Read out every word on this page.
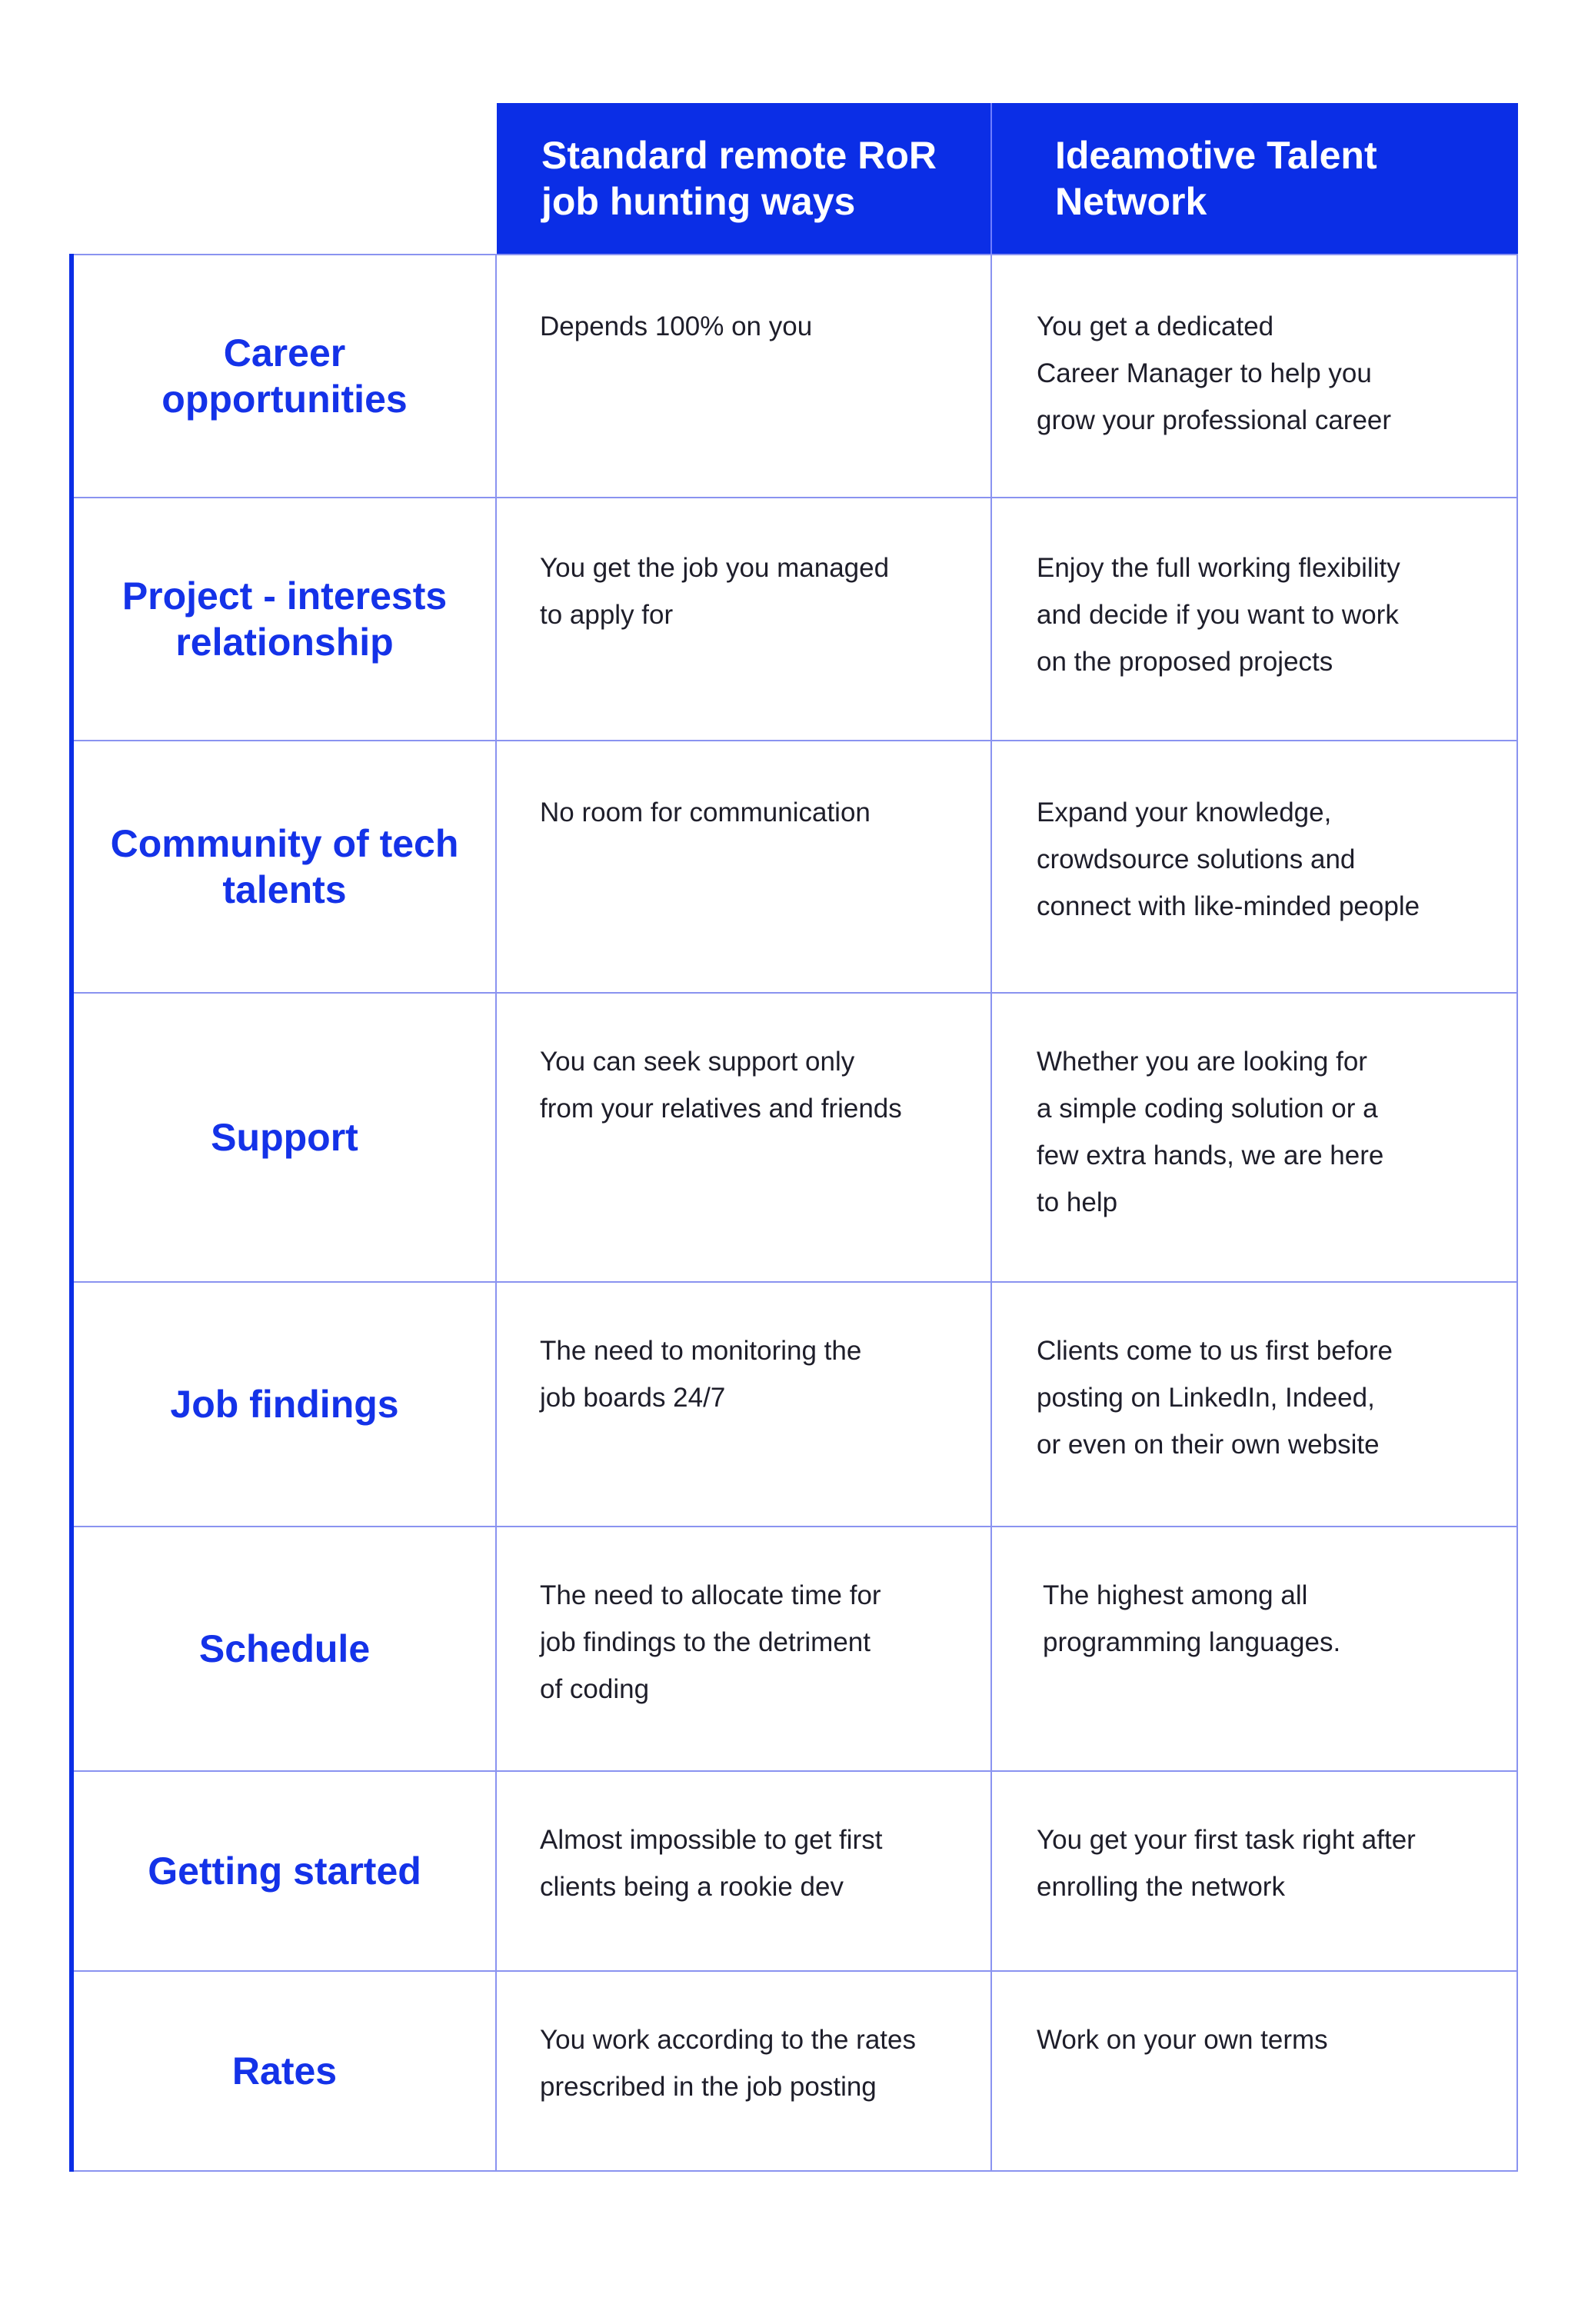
Standard remote RoR
job hunting ways
Ideamotive Talent
Network
Career
opportunities
Depends 100% on you	You get a dedicated
Career Manager to help you
grow your professional career
Project - interests
relationship
You get the job you managed
to apply for
Enjoy the full working flexibility
and decide if you want to work
on the proposed projects
Community of tech
talents
No room for communication	Expand your knowledge,
crowdsource solutions and
connect with like-minded people
Support
You can seek support only
from your relatives and friends
Whether you are looking for
a simple coding solution or a
few extra hands, we are here
to help
Job findings
The need to monitoring the
job boards 24/7
Clients come to us first before
posting on LinkedIn, Indeed,
or even on their own website
Schedule
The need to allocate time for
job findings to the detriment
of coding
The highest among all
programming languages.
Getting started
Almost impossible to get first
clients being a rookie dev
You get your first task right after
enrolling the network
Rates
You work according to the rates
prescribed in the job posting
Work on your own terms
